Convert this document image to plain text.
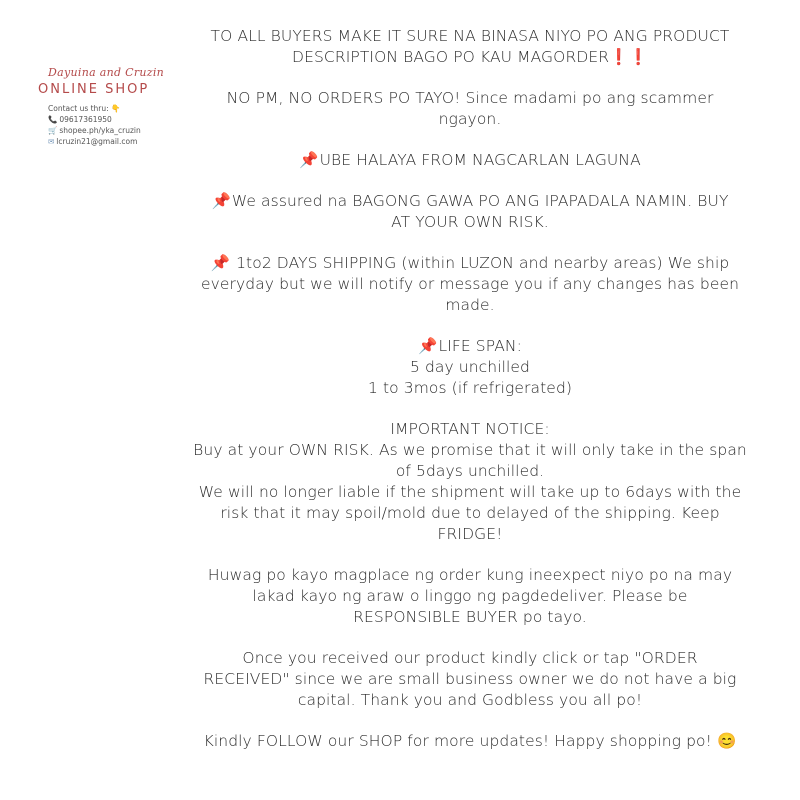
Dayuina and Cruzin
ONLINE SHOP
Contact us thru: 👇
📞 09617361950
🛒 shopee.ph/yka_cruzin
✉ lcruzin21@gmail.com

TO ALL BUYERS MAKE IT SURE NA BINASA NIYO PO ANG PRODUCT
DESCRIPTION BAGO PO KAU MAGORDER❗❗

NO PM, NO ORDERS PO TAYO! Since madami po ang scammer
ngayon.

📌UBE HALAYA FROM NAGCARLAN LAGUNA

📌We assured na BAGONG GAWA PO ANG IPAPADALA NAMIN. BUY
AT YOUR OWN RISK.

📌 1to2 DAYS SHIPPING (within LUZON and nearby areas) We ship
everyday but we will notify or message you if any changes has been
made.

📌LIFE SPAN:
5 day unchilled
1 to 3mos (if refrigerated)

IMPORTANT NOTICE:
Buy at your OWN RISK. As we promise that it will only take in the span
of 5days unchilled.
We will no longer liable if the shipment will take up to 6days with the
risk that it may spoil/mold due to delayed of the shipping. Keep
FRIDGE!

Huwag po kayo magplace ng order kung ineexpect niyo po na may
lakad kayo ng araw o linggo ng pagdedeliver. Please be
RESPONSIBLE BUYER po tayo.

Once you received our product kindly click or tap "ORDER
RECEIVED" since we are small business owner we do not have a big
capital. Thank you and Godbless you all po!

Kindly FOLLOW our SHOP for more updates! Happy shopping po! 😊
